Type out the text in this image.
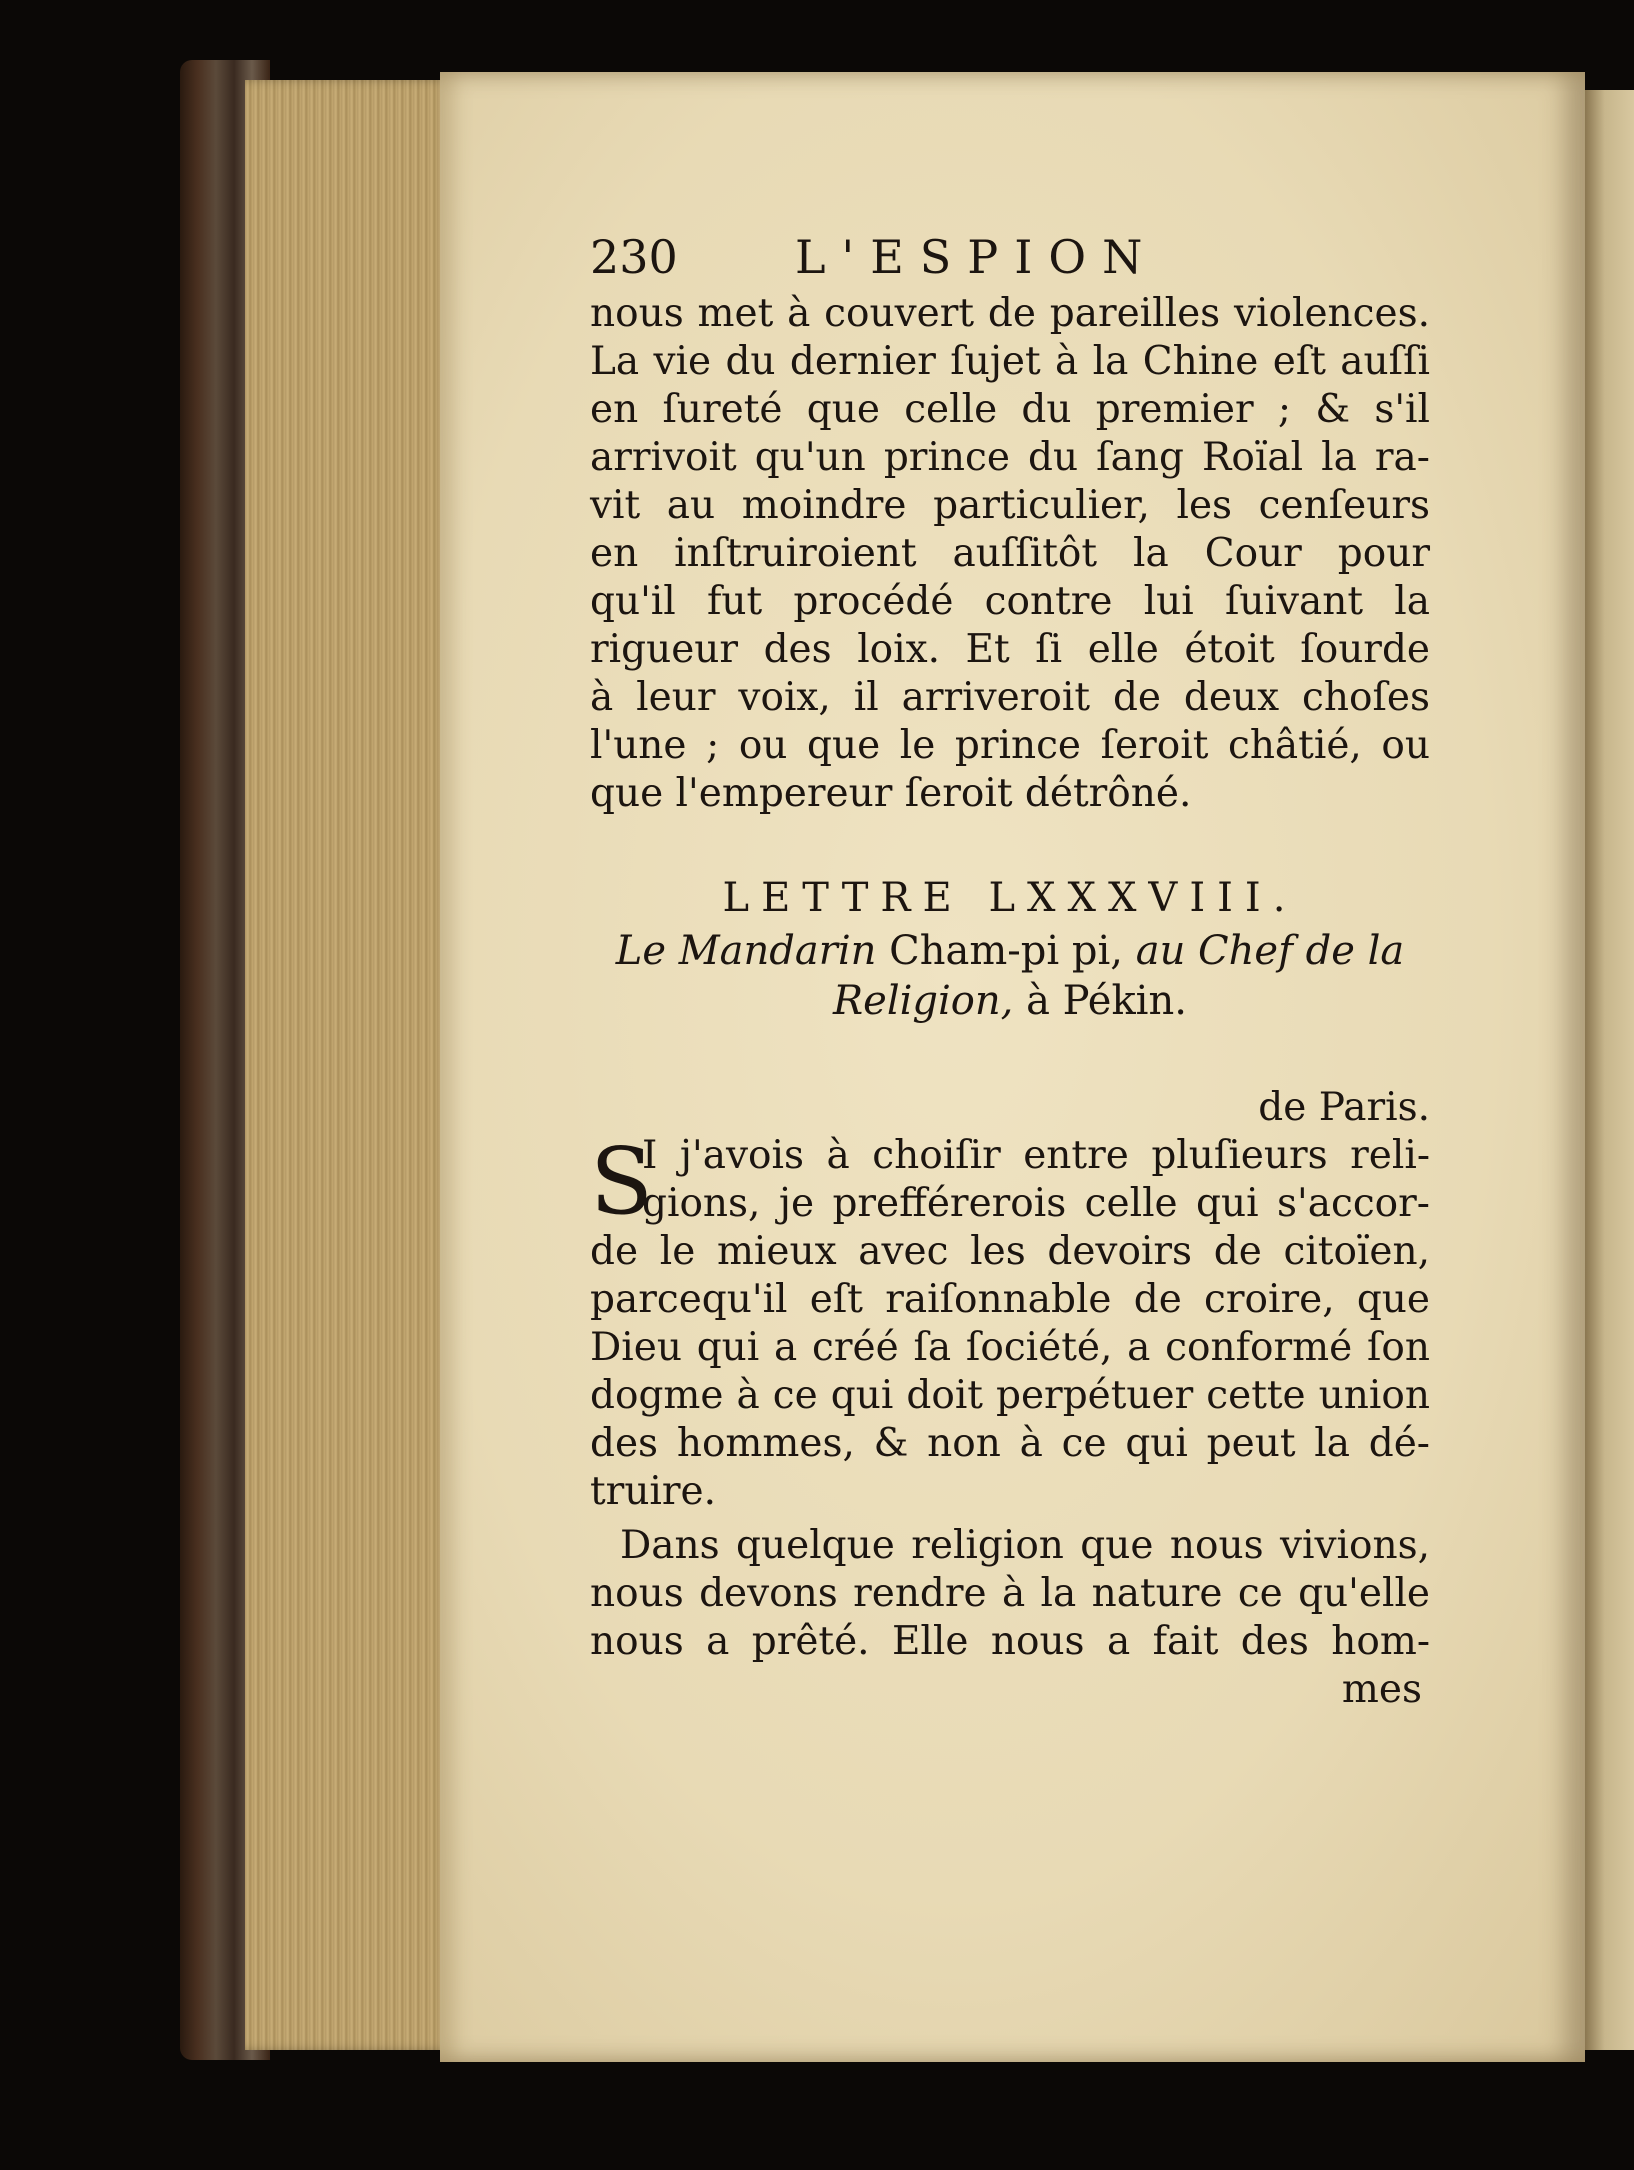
230	L'ESPION
nous met à couvert de pareilles violences.
La vie du dernier ſujet à la Chine eſt auſſi
en ſureté que celle du premier ; & s'il
arrivoit qu'un prince du ſang Roïal la ra-
vit au moindre particulier, les cenſeurs
en inſtruiroient auſſitôt la Cour pour
qu'il fut procédé contre lui ſuivant la
rigueur des loix. Et ſi elle étoit ſourde
à leur voix, il arriveroit de deux choſes
l'une ; ou que le prince ſeroit châtié, ou
que l'empereur ſeroit détrôné.
LETTRE LXXXVIII.
Le Mandarin Cham-pi pi, au Chef de la
Religion, à Pékin.
de Paris.
S
I j'avois à choiſir entre pluſieurs reli-
gions, je prefférerois celle qui s'accor-
de le mieux avec les devoirs de citoïen,
parcequ'il eſt raiſonnable de croire, que
Dieu qui a créé ſa ſociété, a conformé ſon
dogme à ce qui doit perpétuer cette union
des hommes, & non à ce qui peut la dé-
truire.
Dans quelque religion que nous vivions,
nous devons rendre à la nature ce qu'elle
nous a prêté. Elle nous a fait des hom-
mes
